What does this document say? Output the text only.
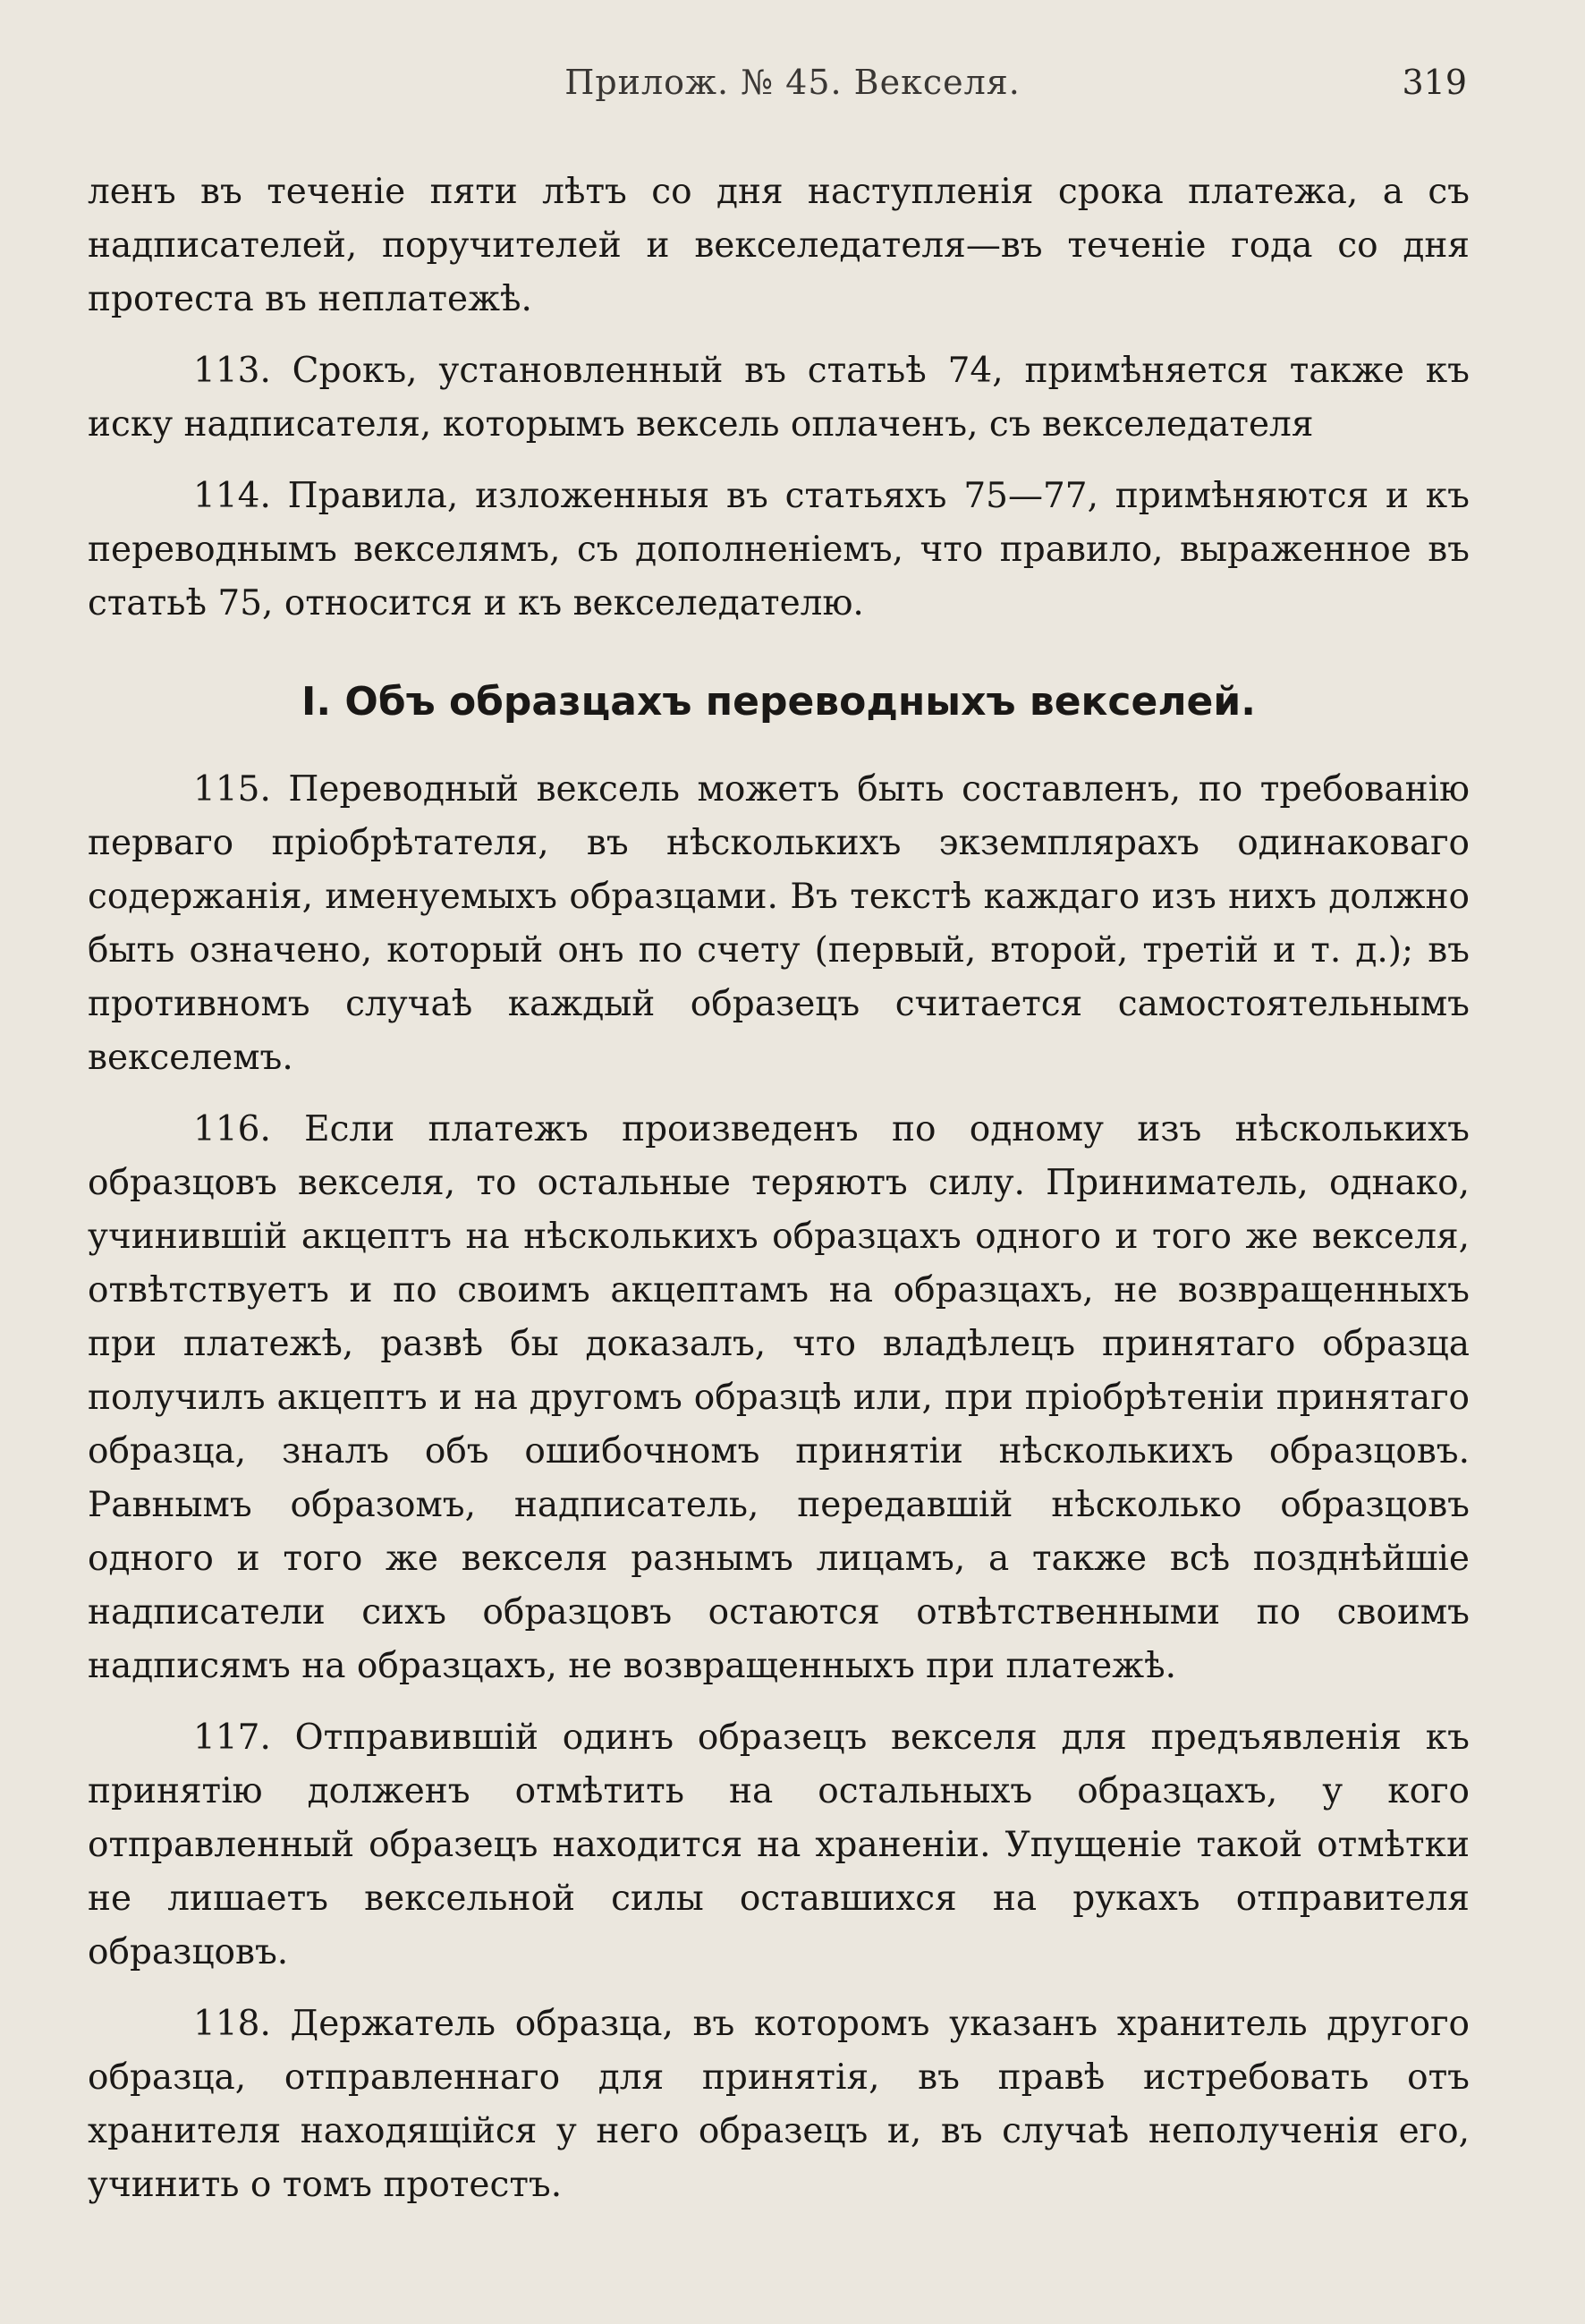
Прилож. № 45. Векселя.	319

ленъ въ теченіе пяти лѣтъ со дня наступленія срока платежа, а съ надписателей, поручителей и векселедателя—въ теченіе года со дня протеста въ неплатежѣ.

113. Срокъ, установленный въ статьѣ 74, примѣняется также къ иску надписателя, которымъ вексель оплаченъ, съ векселедателя

114. Правила, изложенныя въ статьяхъ 75—77, примѣняются и къ переводнымъ векселямъ, съ дополненіемъ, что правило, выраженное въ статьѣ 75, относится и къ векселедателю.

I. Объ образцахъ переводныхъ векселей.

115. Переводный вексель можетъ быть составленъ, по требованію перваго пріобрѣтателя, въ нѣсколькихъ экземплярахъ одинаковаго содержанія, именуемыхъ образцами. Въ текстѣ каждаго изъ нихъ должно быть означено, который онъ по счету (первый, второй, третій и т. д.); въ противномъ случаѣ каждый образецъ считается самостоятельнымъ векселемъ.

116. Если платежъ произведенъ по одному изъ нѣсколькихъ образцовъ векселя, то остальные теряютъ силу. Приниматель, однако, учинившій акцептъ на нѣсколькихъ образцахъ одного и того же векселя, отвѣтствуетъ и по своимъ акцептамъ на образцахъ, не возвращенныхъ при платежѣ, развѣ бы доказалъ, что владѣлецъ принятаго образца получилъ акцептъ и на другомъ образцѣ или, при пріобрѣтеніи принятаго образца, зналъ объ ошибочномъ принятіи нѣсколькихъ образцовъ. Равнымъ образомъ, надписатель, передавшій нѣсколько образцовъ одного и того же векселя разнымъ лицамъ, а также всѣ позднѣйшіе надписатели сихъ образцовъ остаются отвѣтственными по своимъ надписямъ на образцахъ, не возвращенныхъ при платежѣ.

117. Отправившій одинъ образецъ векселя для предъявленія къ принятію долженъ отмѣтить на остальныхъ образцахъ, у кого отправленный образецъ находится на храненіи. Упущеніе такой отмѣтки не лишаетъ вексельной силы оставшихся на рукахъ отправителя образцовъ.

118. Держатель образца, въ которомъ указанъ хранитель другого образца, отправленнаго для принятія, въ правѣ истребовать отъ хранителя находящійся у него образецъ и, въ случаѣ неполученія его, учинить о томъ протестъ.
